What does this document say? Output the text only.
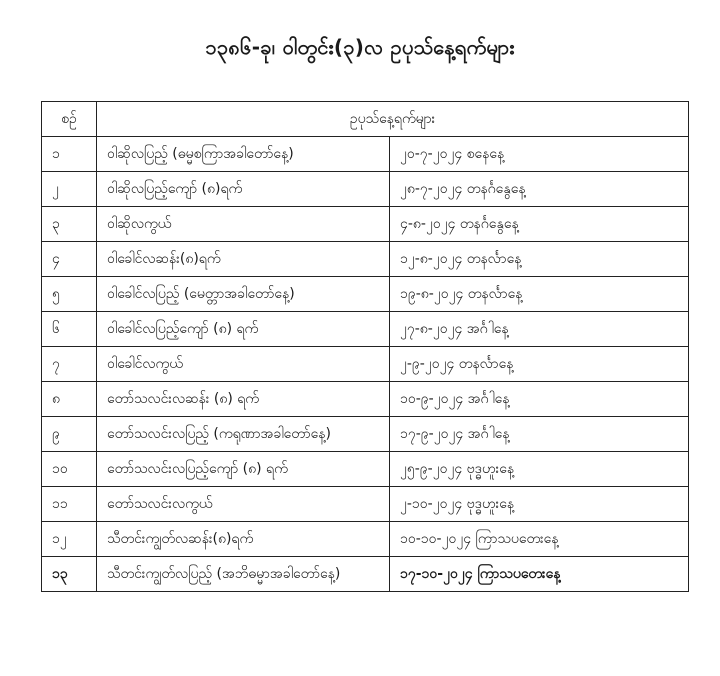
၁၃၈၆-ခု၊ ဝါတွင်း(၃)လ ဥပုသ်နေ့ရက်များ
စဉ်	ဥပုသ်နေ့ရက်များ	
၁	ဝါဆိုလပြည့် (ဓမ္မစကြာအခါတော်နေ့)	၂၀-၇-၂၀၂၄ စနေနေ့
၂	ဝါဆိုလပြည့်ကျော် (၈)ရက်	၂၈-၇-၂၀၂၄ တနင်္ဂနွေနေ့
၃	ဝါဆိုလကွယ်	၄-၈-၂၀၂၄ တနင်္ဂနွေနေ့
၄	ဝါခေါင်လဆန်း(၈)ရက်	၁၂-၈-၂၀၂၄ တနင်္လာနေ့
၅	ဝါခေါင်လပြည့် (မေတ္တာအခါတော်နေ့)	၁၉-၈-၂၀၂၄ တနင်္လာနေ့
၆	ဝါခေါင်လပြည့်ကျော် (၈) ရက်	၂၇-၈-၂၀၂၄ အင်္ဂါနေ့
၇	ဝါခေါင်လကွယ်	၂-၉-၂၀၂၄ တနင်္လာနေ့
၈	တော်သလင်းလဆန်း (၈) ရက်	၁၀-၉-၂၀၂၄ အင်္ဂါနေ့
၉	တော်သလင်းလပြည့် (ကရုဏာအခါတော်နေ့)	၁၇-၉-၂၀၂၄ အင်္ဂါနေ့
၁၀	တော်သလင်းလပြည့်ကျော် (၈) ရက်	၂၅-၉-၂၀၂၄ ဗုဒ္ဓဟူးနေ့
၁၁	တော်သလင်းလကွယ်	၂-၁၀-၂၀၂၄ ဗုဒ္ဓဟူးနေ့
၁၂	သီတင်းကျွတ်လဆန်း(၈)ရက်	၁၀-၁၀-၂၀၂၄ ကြာသပတေးနေ့
၁၃	သီတင်းကျွတ်လပြည့် (အဘိဓမ္မာအခါတော်နေ့)	၁၇-၁၀-၂၀၂၄ ကြာသပတေးနေ့
